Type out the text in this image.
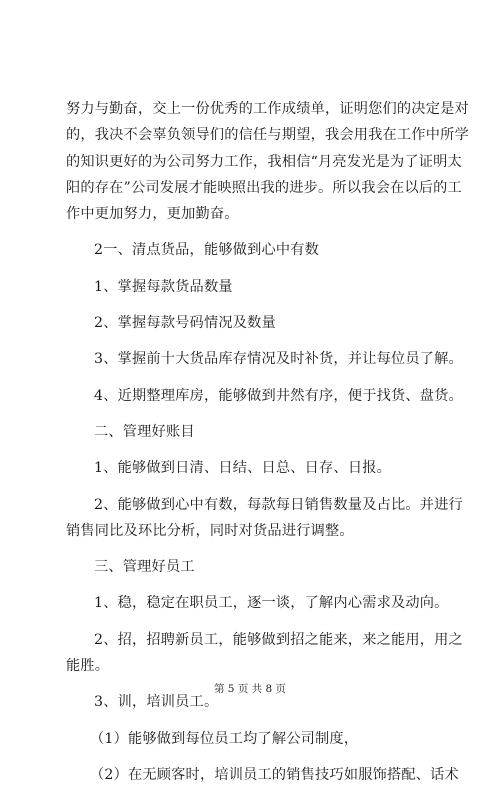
努力与勤奋，交上一份优秀的工作成绩单，证明您们的决定是对
的，我决不会辜负领导们的信任与期望，我会用我在工作中所学
的知识更好的为公司努力工作，我相信“月亮发光是为了证明太
阳的存在”公司发展才能映照出我的进步。所以我会在以后的工
作中更加努力，更加勤奋。

2一、清点货品，能够做到心中有数

1、掌握每款货品数量

2、掌握每款号码情况及数量

3、掌握前十大货品库存情况及时补货，并让每位员了解。

4、近期整理库房，能够做到井然有序，便于找货、盘货。

二、管理好账目

1、能够做到日清、日结、日总、日存、日报。

2、能够做到心中有数，每款每日销售数量及占比。并进行
销售同比及环比分析，同时对货品进行调整。

三、管理好员工

1、稳，稳定在职员工，逐一谈，了解内心需求及动向。

2、招，招聘新员工，能够做到招之能来，来之能用，用之
能胜。

3、训，培训员工。

（1）能够做到每位员工均了解公司制度，

（2）在无顾客时，培训员工的销售技巧如服饰搭配、话术

第 5 页 共 8 页
